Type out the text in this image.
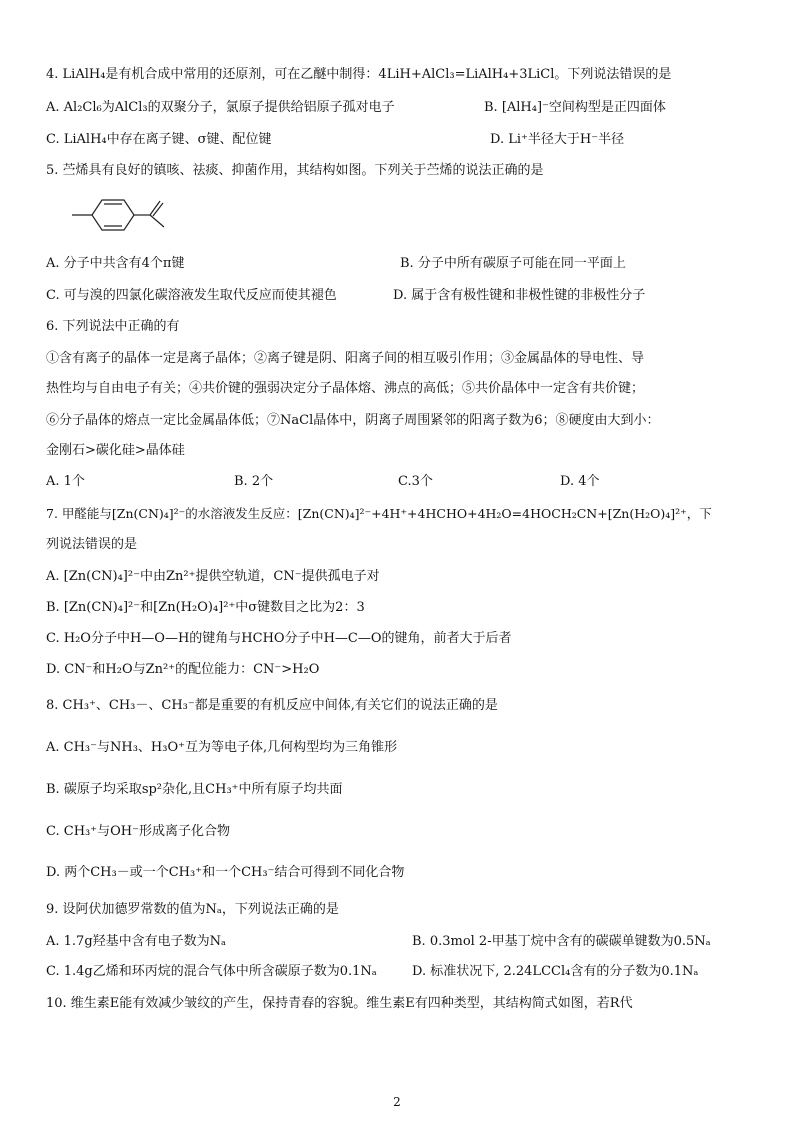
4. LiAlH₄是有机合成中常用的还原剂，可在乙醚中制得：4LiH+AlCl₃=LiAlH₄+3LiCl。下列说法错误的是
A. Al₂Cl₆为AlCl₃的双聚分子，氯原子提供给铝原子孤对电子	B. [AlH₄]⁻空间构型是正四面体
C. LiAlH₄中存在离子键、σ键、配位键	D. Li⁺半径大于H⁻半径
5. 苎烯具有良好的镇咳、祛痰、抑菌作用，其结构如图。下列关于苎烯的说法正确的是
A. 分子中共含有4个π键	B. 分子中所有碳原子可能在同一平面上
C. 可与溴的四氯化碳溶液发生取代反应而使其褪色	D. 属于含有极性键和非极性键的非极性分子
6. 下列说法中正确的有
①含有离子的晶体一定是离子晶体；②离子键是阴、阳离子间的相互吸引作用；③金属晶体的导电性、导
热性均与自由电子有关；④共价键的强弱决定分子晶体熔、沸点的高低；⑤共价晶体中一定含有共价键；
⑥分子晶体的熔点一定比金属晶体低；⑦NaCl晶体中，阴离子周围紧邻的阳离子数为6；⑧硬度由大到小：
金刚石>碳化硅>晶体硅
A. 1个	B. 2个	C.3个	D. 4个
7. 甲醛能与[Zn(CN)₄]²⁻的水溶液发生反应：[Zn(CN)₄]²⁻+4H⁺+4HCHO+4H₂O=4HOCH₂CN+[Zn(H₂O)₄]²⁺，下
列说法错误的是
A. [Zn(CN)₄]²⁻中由Zn²⁺提供空轨道，CN⁻提供孤电子对
B. [Zn(CN)₄]²⁻和[Zn(H₂O)₄]²⁺中σ键数目之比为2：3
C. H₂O分子中H—O—H的键角与HCHO分子中H—C—O的键角，前者大于后者
D. CN⁻和H₂O与Zn²⁺的配位能力：CN⁻>H₂O
8. CH₃⁺、CH₃－、CH₃⁻都是重要的有机反应中间体,有关它们的说法正确的是
A. CH₃⁻与NH₃、H₃O⁺互为等电子体,几何构型均为三角锥形
B. 碳原子均采取sp²杂化,且CH₃⁺中所有原子均共面
C. CH₃⁺与OH⁻形成离子化合物
D. 两个CH₃－或一个CH₃⁺和一个CH₃⁻结合可得到不同化合物
9. 设阿伏加德罗常数的值为Nₐ，下列说法正确的是
A. 1.7g羟基中含有电子数为Nₐ	B. 0.3mol 2-甲基丁烷中含有的碳碳单键数为0.5Nₐ
C. 1.4g乙烯和环丙烷的混合气体中所含碳原子数为0.1Nₐ	D. 标准状况下, 2.24LCCl₄含有的分子数为0.1Nₐ
10. 维生素E能有效减少皱纹的产生，保持青春的容貌。维生素E有四种类型，其结构简式如图，若R代
2
